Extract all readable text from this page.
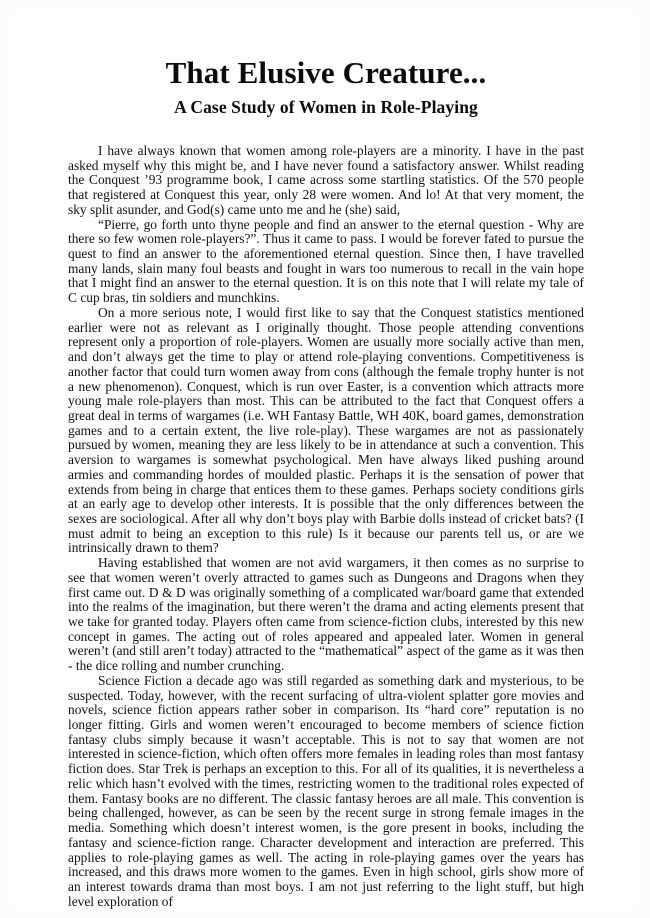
That Elusive Creature...
A Case Study of Women in Role-Playing

I have always known that women among role-players are a minority. I have in the past asked myself why this might be, and I have never found a satisfactory answer. Whilst reading the Conquest ’93 programme book, I came across some startling statistics. Of the 570 people that registered at Conquest this year, only 28 were women. And lo! At that very moment, the sky split asunder, and God(s) came unto me and he (she) said,

“Pierre, go forth unto thyne people and find an answer to the eternal question - Why are there so few women role-players?”. Thus it came to pass. I would be forever fated to pursue the quest to find an answer to the aforementioned eternal question. Since then, I have travelled many lands, slain many foul beasts and fought in wars too numerous to recall in the vain hope that I might find an answer to the eternal question. It is on this note that I will relate my tale of C cup bras, tin soldiers and munchkins.

On a more serious note, I would first like to say that the Conquest statistics mentioned earlier were not as relevant as I originally thought. Those people attending conventions represent only a proportion of role-players. Women are usually more socially active than men, and don’t always get the time to play or attend role-playing conventions. Competitiveness is another factor that could turn women away from cons (although the female trophy hunter is not a new phenomenon). Conquest, which is run over Easter, is a convention which attracts more young male role-players than most. This can be attributed to the fact that Conquest offers a great deal in terms of wargames (i.e. WH Fantasy Battle, WH 40K, board games, demonstration games and to a certain extent, the live role-play). These wargames are not as passionately pursued by women, meaning they are less likely to be in attendance at such a convention. This aversion to wargames is somewhat psychological. Men have always liked pushing around armies and commanding hordes of moulded plastic. Perhaps it is the sensation of power that extends from being in charge that entices them to these games. Perhaps society conditions girls at an early age to develop other interests. It is possible that the only differences between the sexes are sociological. After all why don’t boys play with Barbie dolls instead of cricket bats? (I must admit to being an exception to this rule) Is it because our parents tell us, or are we intrinsically drawn to them?

Having established that women are not avid wargamers, it then comes as no surprise to see that women weren’t overly attracted to games such as Dungeons and Dragons when they first came out. D & D was originally something of a complicated war/board game that extended into the realms of the imagination, but there weren’t the drama and acting elements present that we take for granted today. Players often came from science-fiction clubs, interested by this new concept in games. The acting out of roles appeared and appealed later. Women in general weren’t (and still aren’t today) attracted to the “mathematical” aspect of the game as it was then - the dice rolling and number crunching.

Science Fiction a decade ago was still regarded as something dark and mysterious, to be suspected. Today, however, with the recent surfacing of ultra-violent splatter gore movies and novels, science fiction appears rather sober in comparison. Its “hard core” reputation is no longer fitting. Girls and women weren’t encouraged to become members of science fiction fantasy clubs simply because it wasn’t acceptable. This is not to say that women are not interested in science-fiction, which often offers more females in leading roles than most fantasy fiction does. Star Trek is perhaps an exception to this. For all of its qualities, it is nevertheless a relic which hasn’t evolved with the times, restricting women to the traditional roles expected of them. Fantasy books are no different. The classic fantasy heroes are all male. This convention is being challenged, however, as can be seen by the recent surge in strong female images in the media. Something which doesn’t interest women, is the gore present in books, including the fantasy and science-fiction range. Character development and interaction are preferred. This applies to role-playing games as well. The acting in role-playing games over the years has increased, and this draws more women to the games. Even in high school, girls show more of an interest towards drama than most boys. I am not just referring to the light stuff, but high level exploration of
